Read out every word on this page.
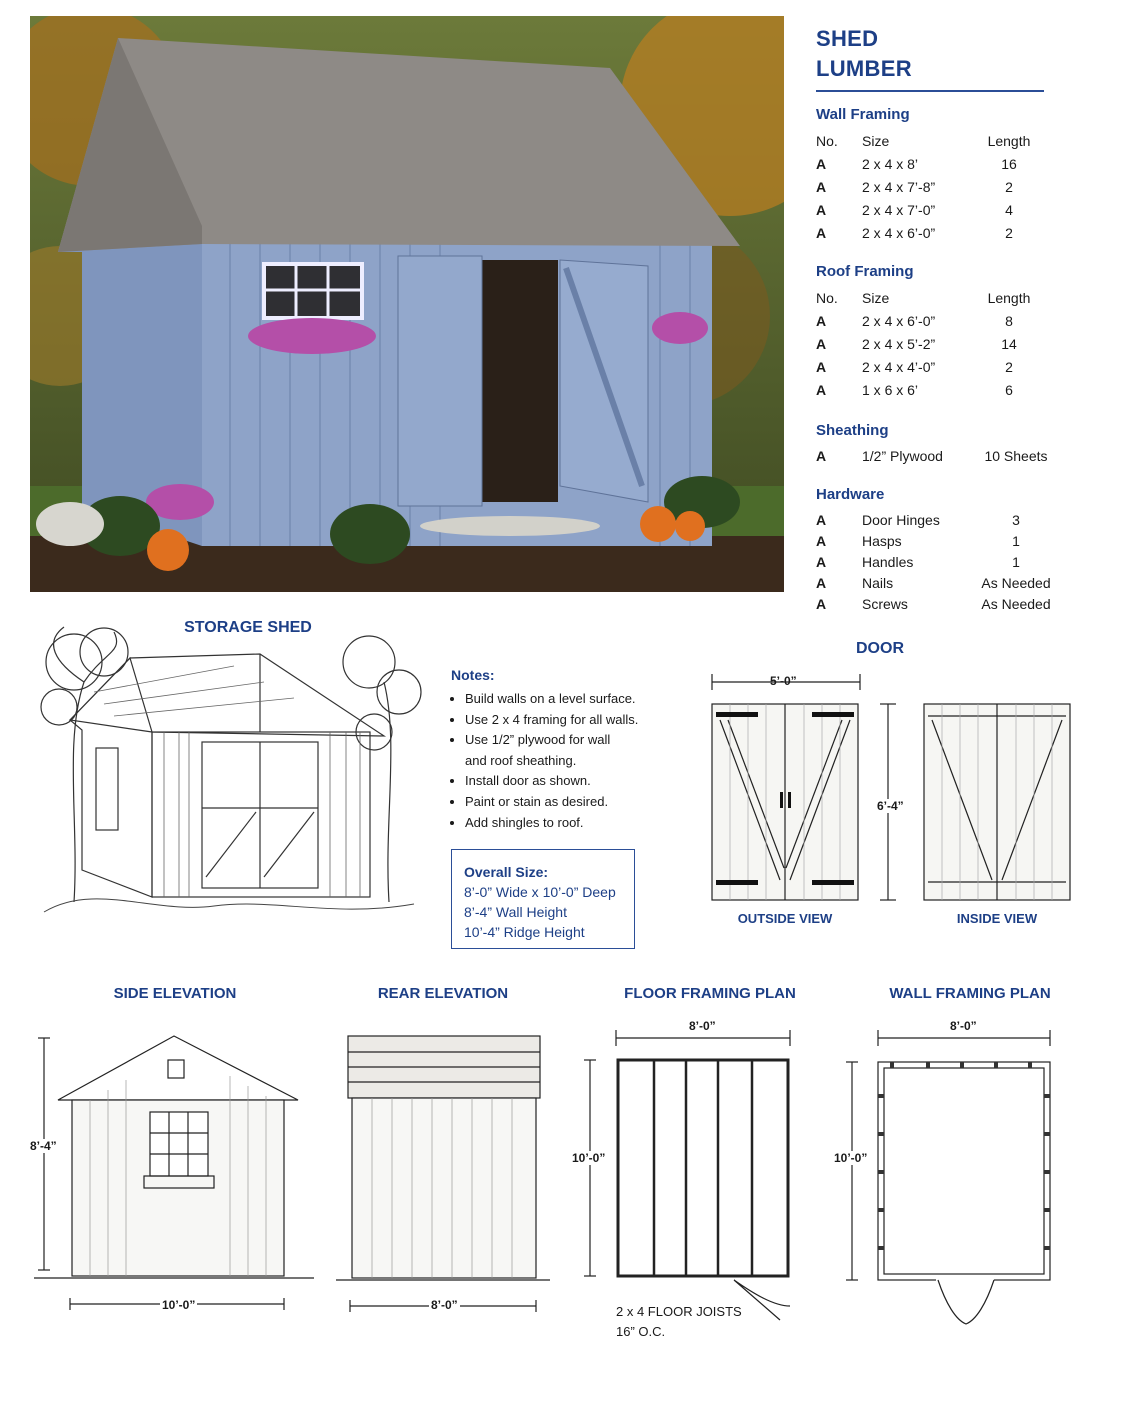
SHED
LUMBER
Wall Framing
No.	Size	Length
A	2 x 4 x 8’	16
A	2 x 4 x 7’-8”	2
A	2 x 4 x 7’-0”	4
A	2 x 4 x 6’-0”	2
Roof Framing
No.	Size	Length
A	2 x 4 x 6’-0”	8
A	2 x 4 x 5’-2”	14
A	2 x 4 x 4’-0”	2
A	1 x 6 x 6’	6
Sheathing
A	1/2” Plywood	10 Sheets
Hardware
A	Door Hinges	3
A	Hasps	1
A	Handles	1
A	Nails	As Needed
A	Screws	As Needed
STORAGE SHED
Notes:
• Build walls on a level surface.
• Use 2 x 4 framing for all walls.
• Use 1/2” plywood for wall
and roof sheathing.
• Install door as shown.
• Paint or stain as desired.
• Add shingles to roof.
Overall Size:
8’-0” Wide x 10’-0” Deep
8’-4” Wall Height
10’-4” Ridge Height
DOOR
5’-0”
6’-4”
OUTSIDE VIEW	INSIDE VIEW
SIDE ELEVATION
8’-4”
10’-0”
REAR ELEVATION
8’-0”
FLOOR FRAMING PLAN
8’-0”
10’-0”
2 x 4 FLOOR JOISTS
16” O.C.
WALL FRAMING PLAN
8’-0”
10’-0”
